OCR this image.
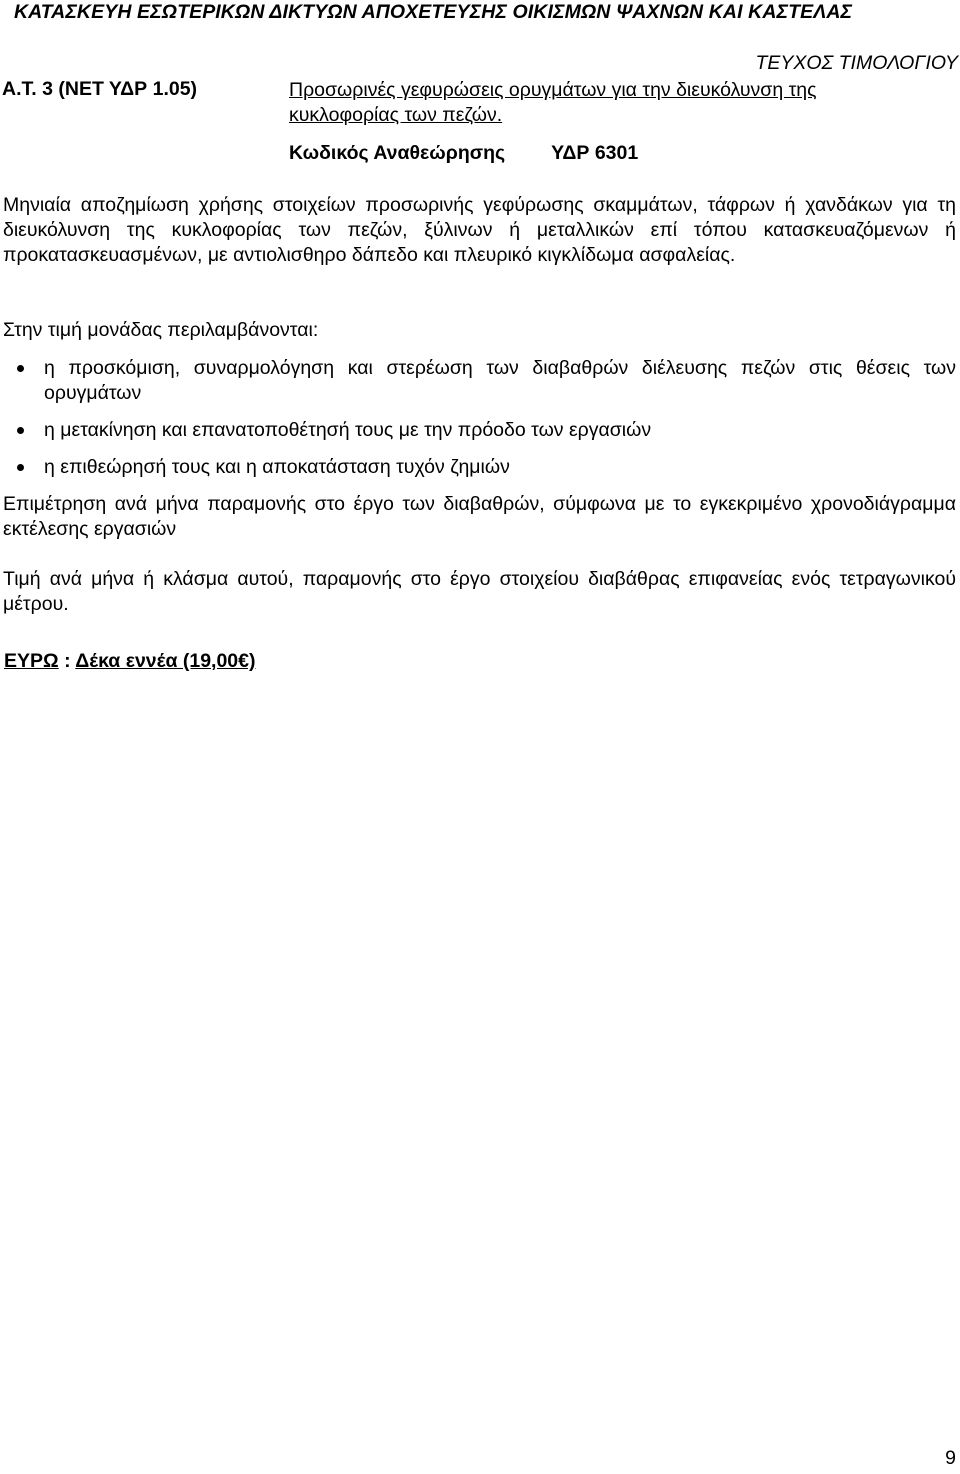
ΚΑΤΑΣΚΕΥΗ ΕΣΩΤΕΡΙΚΩΝ ΔΙΚΤΥΩΝ ΑΠΟΧΕΤΕΥΣΗΣ ΟΙΚΙΣΜΩΝ ΨΑΧΝΩΝ ΚΑΙ ΚΑΣΤΕΛΑΣ
ΤΕΥΧΟΣ ΤΙΜΟΛΟΓΙΟΥ
Α.Τ. 3 (ΝΕΤ ΥΔΡ 1.05)	Προσωρινές γεφυρώσεις ορυγμάτων για την διευκόλυνση της κυκλοφορίας των πεζών.
Κωδικός Αναθεώρησης ΥΔΡ 6301
Μηνιαία αποζημίωση χρήσης στοιχείων προσωρινής γεφύρωσης σκαμμάτων, τάφρων ή χανδάκων για τη διευκόλυνση της κυκλοφορίας των πεζών, ξύλινων ή μεταλλικών επί τόπου κατασκευαζόμενων ή προκατασκευασμένων, με αντιολισθηρο δάπεδο και πλευρικό κιγκλίδωμα ασφαλείας.
Στην τιμή μονάδας περιλαμβάνονται:
η προσκόμιση, συναρμολόγηση και στερέωση των διαβαθρών διέλευσης πεζών στις θέσεις των ορυγμάτων
η μετακίνηση και επανατοποθέτησή τους με την πρόοδο των εργασιών
η επιθεώρησή τους και η αποκατάσταση τυχόν ζημιών
Επιμέτρηση ανά μήνα παραμονής στο έργο των διαβαθρών, σύμφωνα με το εγκεκριμένο χρονοδιάγραμμα εκτέλεσης εργασιών
Τιμή ανά μήνα ή κλάσμα αυτού, παραμονής στο έργο στοιχείου διαβάθρας επιφανείας ενός τετραγωνικού μέτρου.
ΕΥΡΩ : Δέκα εννέα (19,00€)
9
